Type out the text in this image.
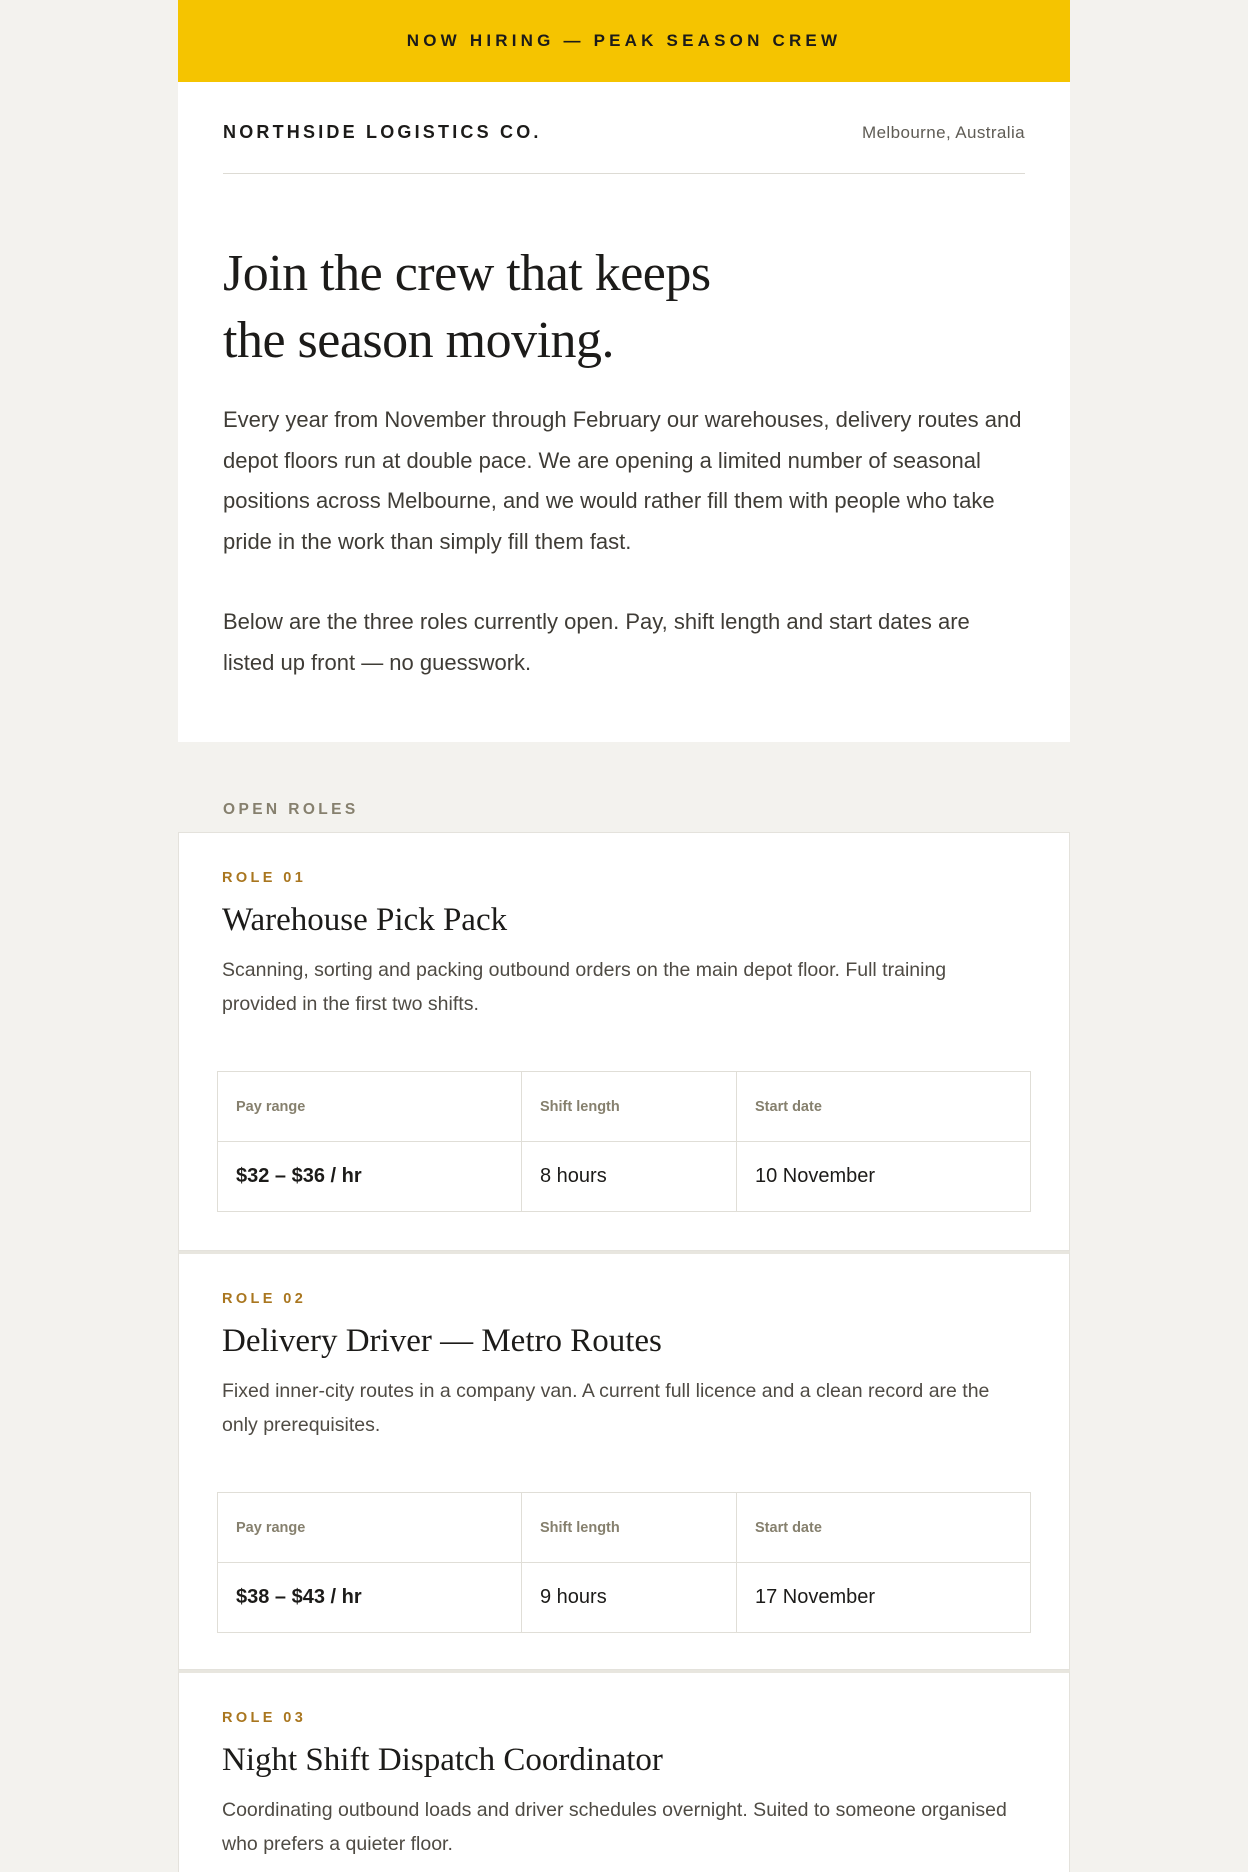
NOW HIRING — PEAK SEASON CREW
NORTHSIDE LOGISTICS CO.	Melbourne, Australia
Join the crew that keeps
the season moving.

Every year from November through February our warehouses, delivery routes and depot floors run at double pace. We are opening a limited number of seasonal positions across Melbourne, and we would rather fill them with people who take pride in the work than simply fill them fast.

Below are the three roles currently open. Pay, shift length and start dates are listed up front — no guesswork.

OPEN ROLES
ROLE 01
Warehouse Pick Pack

Scanning, sorting and packing outbound orders on the main depot floor. Full training provided in the first two shifts.

Pay range	Shift length	Start date
$32 – $36 / hr	8 hours	10 November
ROLE 02
Delivery Driver — Metro Routes

Fixed inner-city routes in a company van. A current full licence and a clean record are the only prerequisites.

Pay range	Shift length	Start date
$38 – $43 / hr	9 hours	17 November
ROLE 03
Night Shift Dispatch Coordinator

Coordinating outbound loads and driver schedules overnight. Suited to someone organised who prefers a quieter floor.
